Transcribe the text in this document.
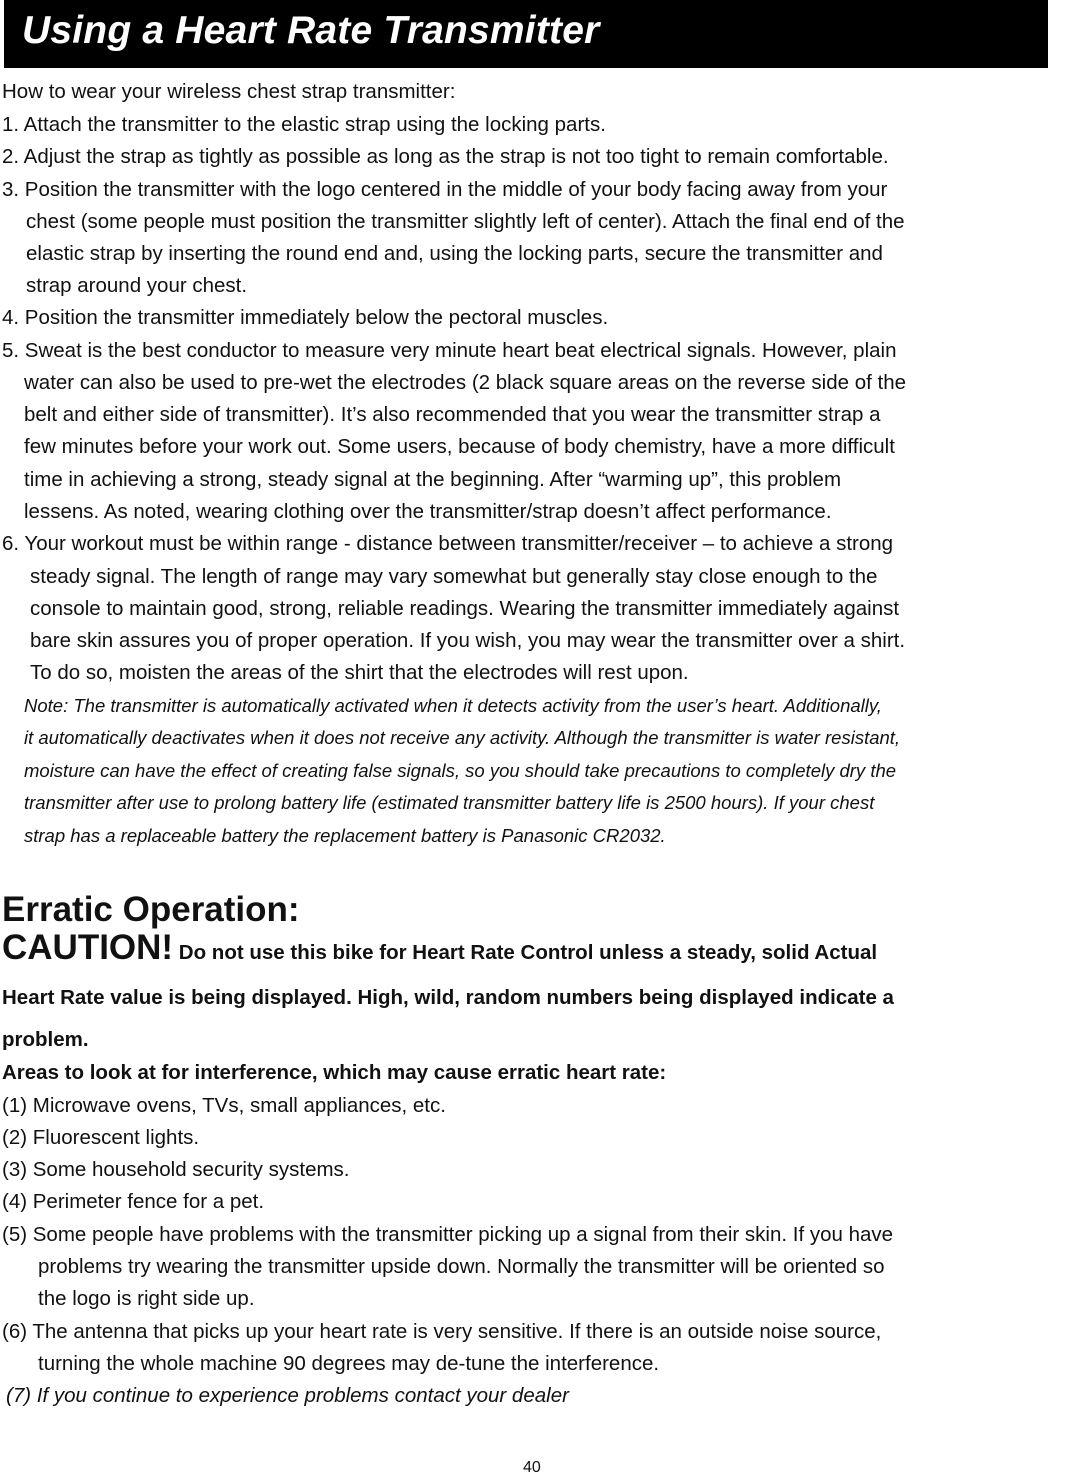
Using a Heart Rate Transmitter
How to wear your wireless chest strap transmitter:
1. Attach the transmitter to the elastic strap using the locking parts.
2. Adjust the strap as tightly as possible as long as the strap is not too tight to remain comfortable.
3. Position the transmitter with the logo centered in the middle of your body facing away from your
chest (some people must position the transmitter slightly left of center). Attach the final end of the
elastic strap by inserting the round end and, using the locking parts, secure the transmitter and
strap around your chest.
4. Position the transmitter immediately below the pectoral muscles.
5. Sweat is the best conductor to measure very minute heart beat electrical signals. However, plain
water can also be used to pre-wet the electrodes (2 black square areas on the reverse side of the
belt and either side of transmitter). It’s also recommended that you wear the transmitter strap a
few minutes before your work out. Some users, because of body chemistry, have a more difficult
time in achieving a strong, steady signal at the beginning. After “warming up”, this problem
lessens. As noted, wearing clothing over the transmitter/strap doesn’t affect performance.
6. Your workout must be within range - distance between transmitter/receiver – to achieve a strong
steady signal. The length of range may vary somewhat but generally stay close enough to the
console to maintain good, strong, reliable readings. Wearing the transmitter immediately against
bare skin assures you of proper operation. If you wish, you may wear the transmitter over a shirt.
To do so, moisten the areas of the shirt that the electrodes will rest upon.
Note: The transmitter is automatically activated when it detects activity from the user’s heart. Additionally,
it automatically deactivates when it does not receive any activity. Although the transmitter is water resistant,
moisture can have the effect of creating false signals, so you should take precautions to completely dry the
transmitter after use to prolong battery life (estimated transmitter battery life is 2500 hours). If your chest
strap has a replaceable battery the replacement battery is Panasonic CR2032.
Erratic Operation:
CAUTION! Do not use this bike for Heart Rate Control unless a steady, solid Actual
Heart Rate value is being displayed. High, wild, random numbers being displayed indicate a
problem.
Areas to look at for interference, which may cause erratic heart rate:
(1) Microwave ovens, TVs, small appliances, etc.
(2) Fluorescent lights.
(3) Some household security systems.
(4) Perimeter fence for a pet.
(5) Some people have problems with the transmitter picking up a signal from their skin. If you have
problems try wearing the transmitter upside down. Normally the transmitter will be oriented so
the logo is right side up.
(6) The antenna that picks up your heart rate is very sensitive. If there is an outside noise source,
turning the whole machine 90 degrees may de-tune the interference.
(7) If you continue to experience problems contact your dealer
40
